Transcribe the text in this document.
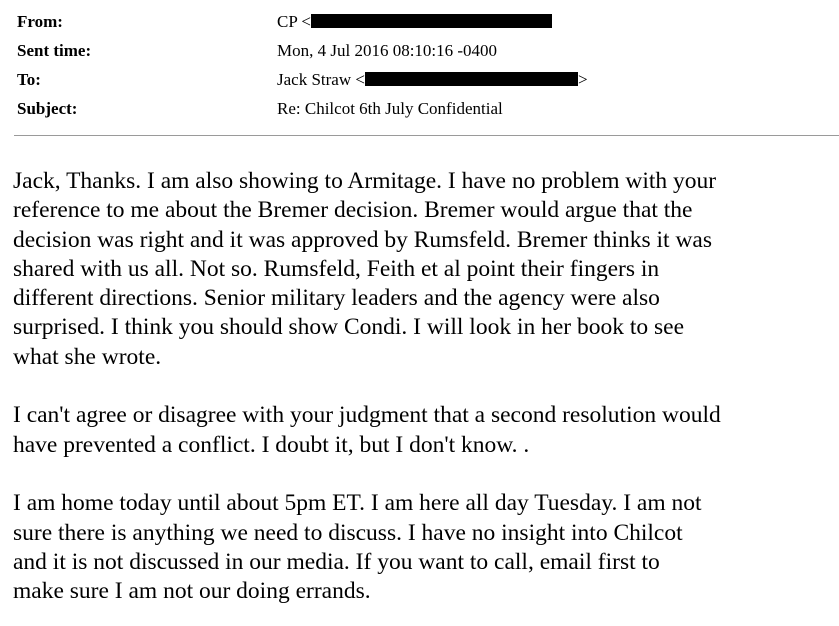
From:	CP <
Sent time:	Mon, 4 Jul 2016 08:10:16 -0400
To:	Jack Straw <	>
Subject:	Re: Chilcot 6th July Confidential
Jack, Thanks. I am also showing to Armitage. I have no problem with your
reference to me about the Bremer decision. Bremer would argue that the
decision was right and it was approved by Rumsfeld. Bremer thinks it was
shared with us all. Not so. Rumsfeld, Feith et al point their fingers in
different directions. Senior military leaders and the agency were also
surprised. I think you should show Condi. I will look in her book to see
what she wrote.
I can't agree or disagree with your judgment that a second resolution would
have prevented a conflict. I doubt it, but I don't know. .
I am home today until about 5pm ET. I am here all day Tuesday. I am not
sure there is anything we need to discuss. I have no insight into Chilcot
and it is not discussed in our media. If you want to call, email first to
make sure I am not our doing errands.
